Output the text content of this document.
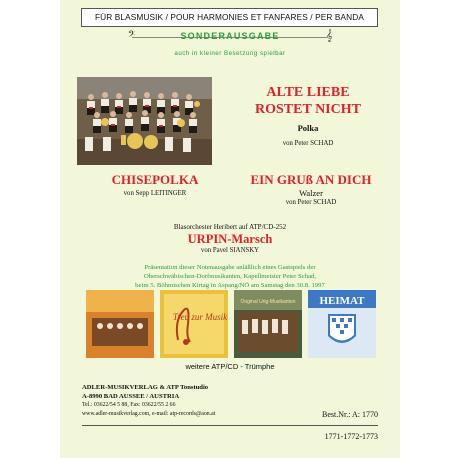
FÜR BLASMUSIK / POUR HARMONIES ET FANFARES / PER BANDA
𝄢	𝄞
SONDERAUSGABE
auch in kleiner Besetzung spielbar
ALTE LIEBE
ROSTET NICHT
Polka
von Peter SCHAD
CHISEPOLKA
von Sepp LEITINGER
EIN GRUß AN DICH
Walzer
von Peter SCHAD
Blasorchester Heribert auf ATP/CD-252
URPIN-Marsch
von Pavel SIANSKY
Präsentation dieser Notenausgabe anläßlich eines Gastspiels der
Oberschwäbischen-Dorfmusikanten, Kapellmeister Peter Schad,
beim 5. Böhmischen Kirtag in Aspang/NÖ am Samstag den 30.8. 1997
Treu zur Musik
Original Urig-Musikanten HEIMAT
weitere ATP/CD - Trümphe
ADLER-MUSIKVERLAG & ATP Tonstudio
A-8990 BAD AUSSEE / AUSTRIA
Tel.: 03622/54 5 88, Fax: 03622/55 2 66
www.adler-musikverlag.com, e-mail: atp-records@aon.at	Best.Nr.: A: 1770
1771-1772-1773
